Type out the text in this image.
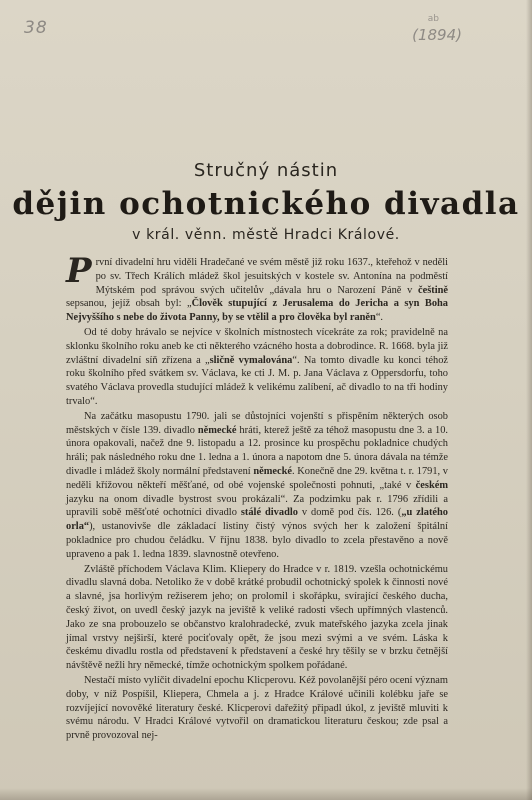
38	ab
(1894)

Stručný nástin

dějin ochotnického divadla

v král. věnn. městě Hradci Králové.

První divadelní hru viděli Hradečané ve svém městě již roku 1637., kteřehož v neděli po sv. Třech Králích mládež škol jesuitských v kostele sv. Antonína na podměstí Mýtském pod správou svých učitelův „dávala hru o Narození Páně v češtině sepsanou, jejíž obsah byl: „Člověk stupující z Jerusalema do Jericha a syn Boha Nejvyššího s nebe do života Panny, by se vtělil a pro člověka byl raněn“.

Od té doby hrávalo se nejvíce v školních místnostech vícekráte za rok; pravidelně na sklonku školního roku aneb ke cti některého vzácného hosta a dobrodince. R. 1668. byla již zvláštní divadelní síň zřízena a „sličně vymalována“. Na tomto divadle ku konci téhož roku školního před svátkem sv. Václava, ke cti J. M. p. Jana Václava z Oppersdorfu, toho svatého Václava provedla studující mládež k velikému zalíbení, ač divadlo to na tři hodiny trvalo“.

Na začátku masopustu 1790. jali se důstojníci vojenští s přispěním některých osob městských v čísle 139. divadlo německé hráti, kterež ještě za téhož masopustu dne 3. a 10. února opakovali, načež dne 9. listopadu a 12. prosince ku prospěchu pokladnice chudých hráli; pak následného roku dne 1. ledna a 1. února a napotom dne 5. února dávala na témže divadle i mládež školy normální představení německé. Konečně dne 29. května t. r. 1791, v neděli křížovou někteří měšťané, od obé vojenské společnosti pohnuti, „také v českém jazyku na onom divadle bystrost svou prokázali“. Za podzimku pak r. 1796 zřídili a upravili sobě měšťoté ochotníci divadlo stálé divadlo v domě pod čís. 126. („u zlatého orla“), ustanovivše dle základací listiny čistý výnos svých her k založení špitální pokladnice pro chudou čeládku. V říjnu 1838. bylo divadlo to zcela přestavěno a nově upraveno a pak 1. ledna 1839. slavnostně otevřeno.

Zvláště příchodem Václava Klim. Kliepery do Hradce v r. 1819. vzešla ochotnickému divadlu slavná doba. Netoliko že v době krátké probudil ochotnický spolek k činnosti nové a slavné, jsa horlivým režiserem jeho; on prolomil i skořápku, svírající českého ducha, český život, on uvedl český jazyk na jeviště k veliké radosti všech upřímných vlastenců. Jako ze sna probouzelo se občanstvo kralohradecké, zvuk mateřského jazyka zcela jinak jímal vrstvy nejširší, které pociťovaly opět, že jsou mezi svými a ve svém. Láska k českému divadlu rostla od představení k představení a české hry těšily se v brzku četnější návštěvě nežli hry německé, tímže ochotnickým spolkem pořádané.

Nestačí místo vylíčit divadelní epochu Klicperovu. Kéž povolanější péro ocení význam doby, v níž Pospíšil, Kliepera, Chmela a j. z Hradce Králové učinili kolébku jaře se rozvíjející novověké literatury české. Klicperovi dařežitý připadl úkol, z jeviště mluviti k svému národu. V Hradci Králové vytvořil on dramatickou literaturu českou; zde psal a prvně provozoval nej-
